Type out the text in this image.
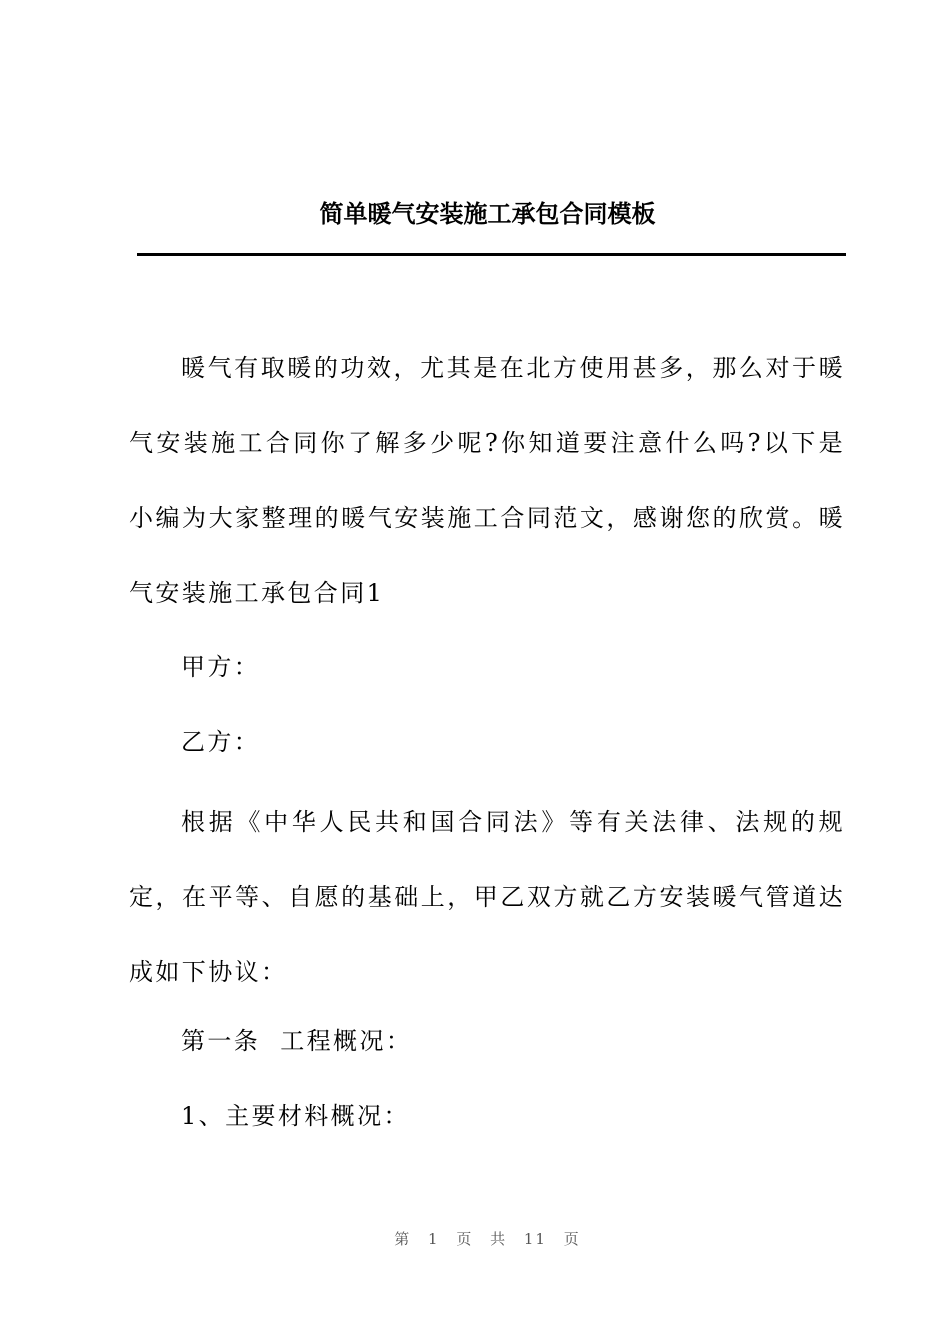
简单暖气安装施工承包合同模板

暖气有取暖的功效，尤其是在北方使用甚多，那么对于暖气安装施工合同你了解多少呢?你知道要注意什么吗?以下是小编为大家整理的暖气安装施工合同范文，感谢您的欣赏。暖气安装施工承包合同1

甲方：
乙方：

根据《中华人民共和国合同法》等有关法律、法规的规定，在平等、自愿的基础上，甲乙双方就乙方安装暖气管道达成如下协议：

第一条  工程概况：
1、主要材料概况：
第 1 页 共 11 页
